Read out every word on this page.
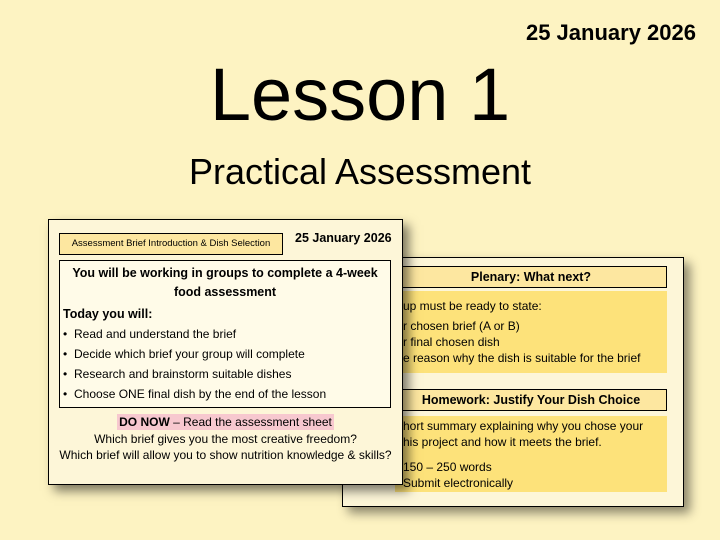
25 January 2026
Lesson 1
Practical Assessment
Plenary: What next?
up must be ready to state:
r chosen brief (A or B)
r final chosen dish
e reason why the dish is suitable for the brief
Homework: Justify Your Dish Choice
hort summary explaining why you chose your
his project and how it meets the brief.
150 – 250 words
Submit electronically
Assessment Brief Introduction & Dish Selection	25 January 2026
You will be working in groups to complete a 4-week food assessment
Today you will:
• Read and understand the brief
• Decide which brief your group will complete
• Research and brainstorm suitable dishes
• Choose ONE final dish by the end of the lesson
DO NOW – Read the assessment sheet
Which brief gives you the most creative freedom?
Which brief will allow you to show nutrition knowledge & skills?
